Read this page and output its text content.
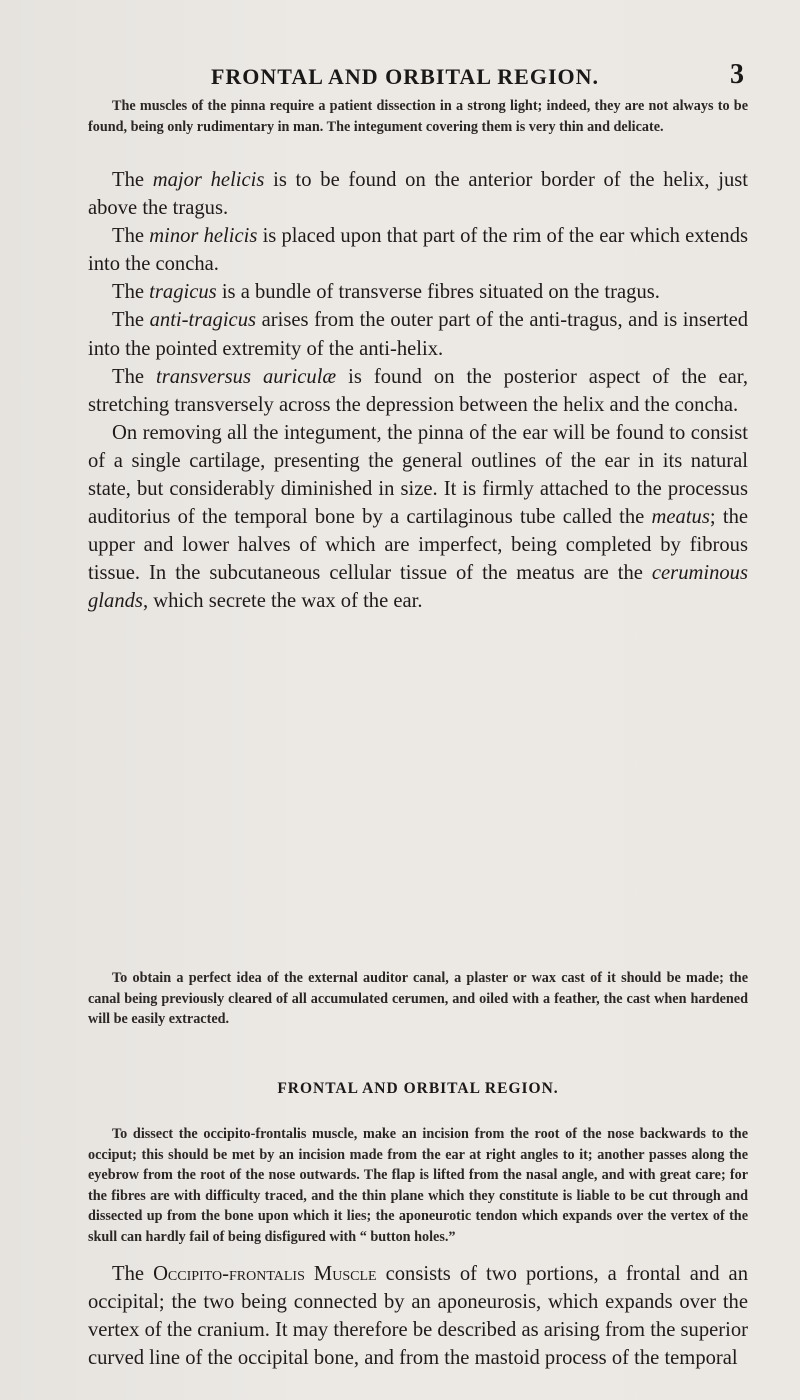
FRONTAL AND ORBITAL REGION.	3

The muscles of the pinna require a patient dissection in a strong light; indeed, they are not always to be found, being only rudimentary in man. The integument covering them is very thin and delicate.

The major helicis is to be found on the anterior border of the helix, just above the tragus.

The minor helicis is placed upon that part of the rim of the ear which extends into the concha.

The tragicus is a bundle of transverse fibres situated on the tragus.

The anti-tragicus arises from the outer part of the anti-tragus, and is inserted into the pointed extremity of the anti-helix.

The transversus auriculæ is found on the posterior aspect of the ear, stretching transversely across the depression between the helix and the concha.

On removing all the integument, the pinna of the ear will be found to consist of a single cartilage, presenting the general outlines of the ear in its natural state, but considerably diminished in size. It is firmly attached to the processus auditorius of the temporal bone by a cartilaginous tube called the meatus; the upper and lower halves of which are imperfect, being completed by fibrous tissue. In the subcutaneous cellular tissue of the meatus are the ceruminous glands, which secrete the wax of the ear.

To obtain a perfect idea of the external auditor canal, a plaster or wax cast of it should be made; the canal being previously cleared of all accumulated cerumen, and oiled with a feather, the cast when hardened will be easily extracted.

FRONTAL AND ORBITAL REGION.

To dissect the occipito-frontalis muscle, make an incision from the root of the nose backwards to the occiput; this should be met by an incision made from the ear at right angles to it; another passes along the eyebrow from the root of the nose outwards. The flap is lifted from the nasal angle, and with great care; for the fibres are with difficulty traced, and the thin plane which they constitute is liable to be cut through and dissected up from the bone upon which it lies; the aponeurotic tendon which expands over the vertex of the skull can hardly fail of being disfigured with “ button holes.”

The Occipito-frontalis Muscle consists of two portions, a frontal and an occipital; the two being connected by an aponeurosis, which expands over the vertex of the cranium. It may therefore be described as arising from the superior curved line of the occipital bone, and from the mastoid process of the temporal
